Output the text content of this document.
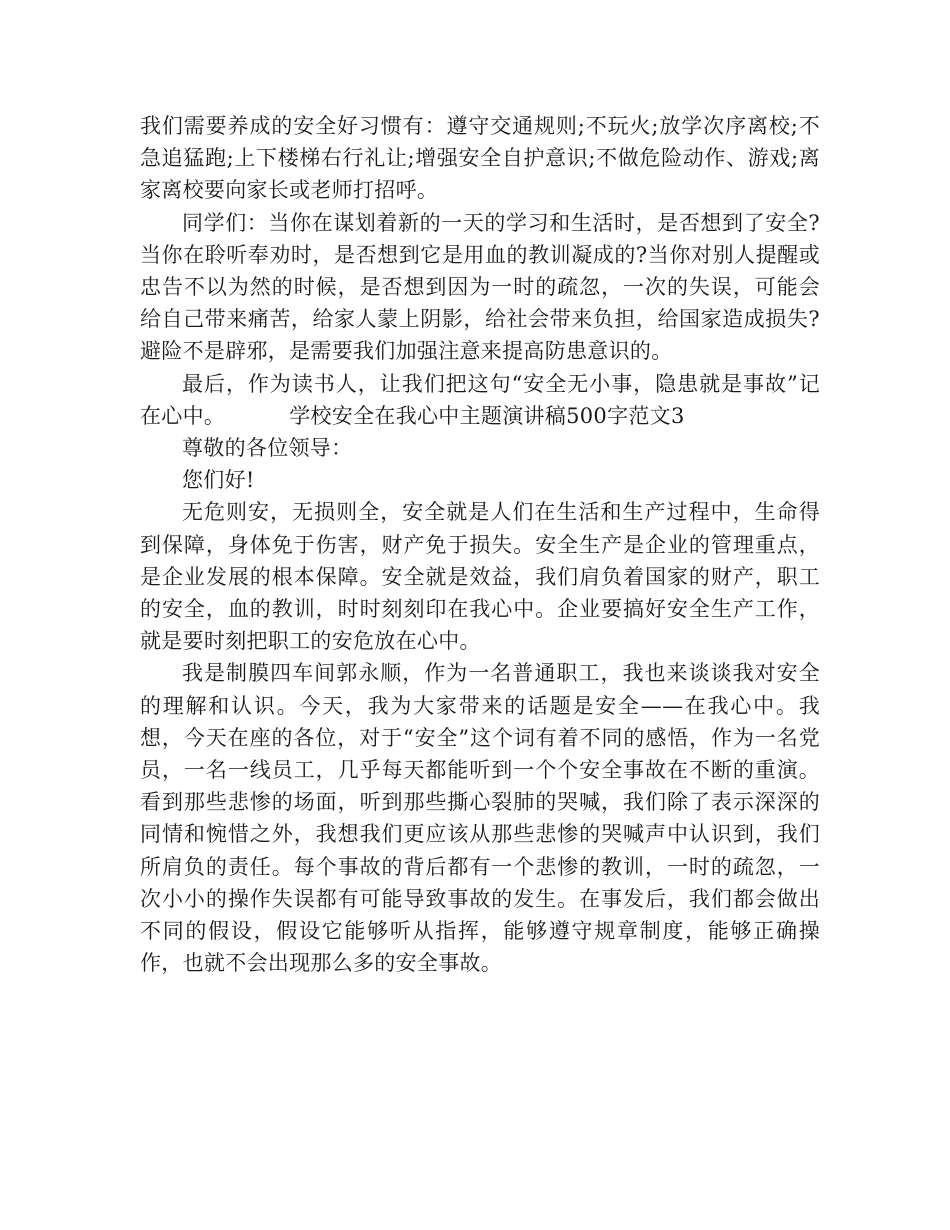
我们需要养成的安全好习惯有：遵守交通规则;不玩火;放学次序离校;不急追猛跑;上下楼梯右行礼让;增强安全自护意识;不做危险动作、游戏;离家离校要向家长或老师打招呼。

同学们：当你在谋划着新的一天的学习和生活时，是否想到了安全?当你在聆听奉劝时，是否想到它是用血的教训凝成的?当你对别人提醒或忠告不以为然的时候，是否想到因为一时的疏忽，一次的失误，可能会给自己带来痛苦，给家人蒙上阴影，给社会带来负担，给国家造成损失?避险不是辟邪，是需要我们加强注意来提高防患意识的。

最后，作为读书人，让我们把这句“安全无小事，隐患就是事故”记在心中。	学校安全在我心中主题演讲稿500字范文3

尊敬的各位领导：

您们好!

无危则安，无损则全，安全就是人们在生活和生产过程中，生命得到保障，身体免于伤害，财产免于损失。安全生产是企业的管理重点，是企业发展的根本保障。安全就是效益，我们肩负着国家的财产，职工的安全，血的教训，时时刻刻印在我心中。企业要搞好安全生产工作，就是要时刻把职工的安危放在心中。

我是制膜四车间郭永顺，作为一名普通职工，我也来谈谈我对安全的理解和认识。今天，我为大家带来的话题是安全——在我心中。我想，今天在座的各位，对于“安全”这个词有着不同的感悟，作为一名党员，一名一线员工，几乎每天都能听到一个个安全事故在不断的重演。看到那些悲惨的场面，听到那些撕心裂肺的哭喊，我们除了表示深深的同情和惋惜之外，我想我们更应该从那些悲惨的哭喊声中认识到，我们所肩负的责任。每个事故的背后都有一个悲惨的教训，一时的疏忽，一次小小的操作失误都有可能导致事故的发生。在事发后，我们都会做出不同的假设，假设它能够听从指挥，能够遵守规章制度，能够正确操作，也就不会出现那么多的安全事故。
